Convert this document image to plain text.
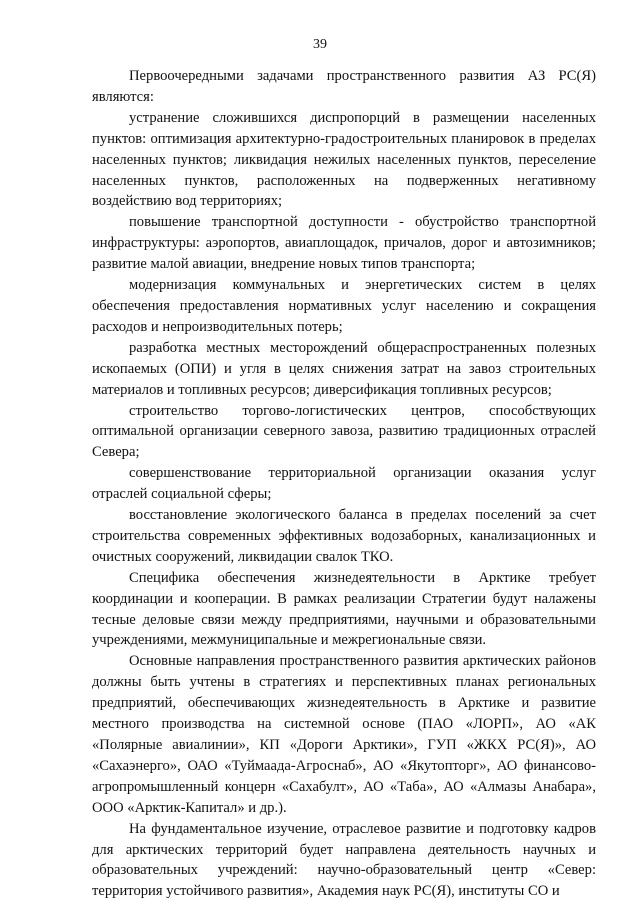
39

Первоочередными задачами пространственного развития АЗ РС(Я) являются:

устранение сложившихся диспропорций в размещении населенных пунктов: оптимизация архитектурно-градостроительных планировок в пределах населенных пунктов; ликвидация нежилых населенных пунктов, переселение населенных пунктов, расположенных на подверженных негативному воздействию вод территориях;

повышение транспортной доступности - обустройство транспортной инфраструктуры: аэропортов, авиаплощадок, причалов, дорог и автозимников; развитие малой авиации, внедрение новых типов транспорта;

модернизация коммунальных и энергетических систем в целях обеспечения предоставления нормативных услуг населению и сокращения расходов и непроизводительных потерь;

разработка местных месторождений общераспространенных полезных ископаемых (ОПИ) и угля в целях снижения затрат на завоз строительных материалов и топливных ресурсов; диверсификация топливных ресурсов;

строительство торгово-логистических центров, способствующих оптимальной организации северного завоза, развитию традиционных отраслей Севера;

совершенствование территориальной организации оказания услуг отраслей социальной сферы;

восстановление экологического баланса в пределах поселений за счет строительства современных эффективных водозаборных, канализационных и очистных сооружений, ликвидации свалок ТКО.

Специфика обеспечения жизнедеятельности в Арктике требует координации и кооперации. В рамках реализации Стратегии будут налажены тесные деловые связи между предприятиями, научными и образовательными учреждениями, межмуниципальные и межрегиональные связи.

Основные направления пространственного развития арктических районов должны быть учтены в стратегиях и перспективных планах региональных предприятий, обеспечивающих жизнедеятельность в Арктике и развитие местного производства на системной основе (ПАО «ЛОРП», АО «АК «Полярные авиалинии», КП «Дороги Арктики», ГУП «ЖКХ РС(Я)», АО «Сахаэнерго», ОАО «Туймаада-Агроснаб», АО «Якутопторг», АО финансово-агропромышленный концерн «Сахабулт», АО «Таба», АО «Алмазы Анабара», ООО «Арктик-Капитал» и др.).

На фундаментальное изучение, отраслевое развитие и подготовку кадров для арктических территорий будет направлена деятельность научных и образовательных учреждений: научно-образовательный центр «Север: территория устойчивого развития», Академия наук РС(Я), институты СО и
